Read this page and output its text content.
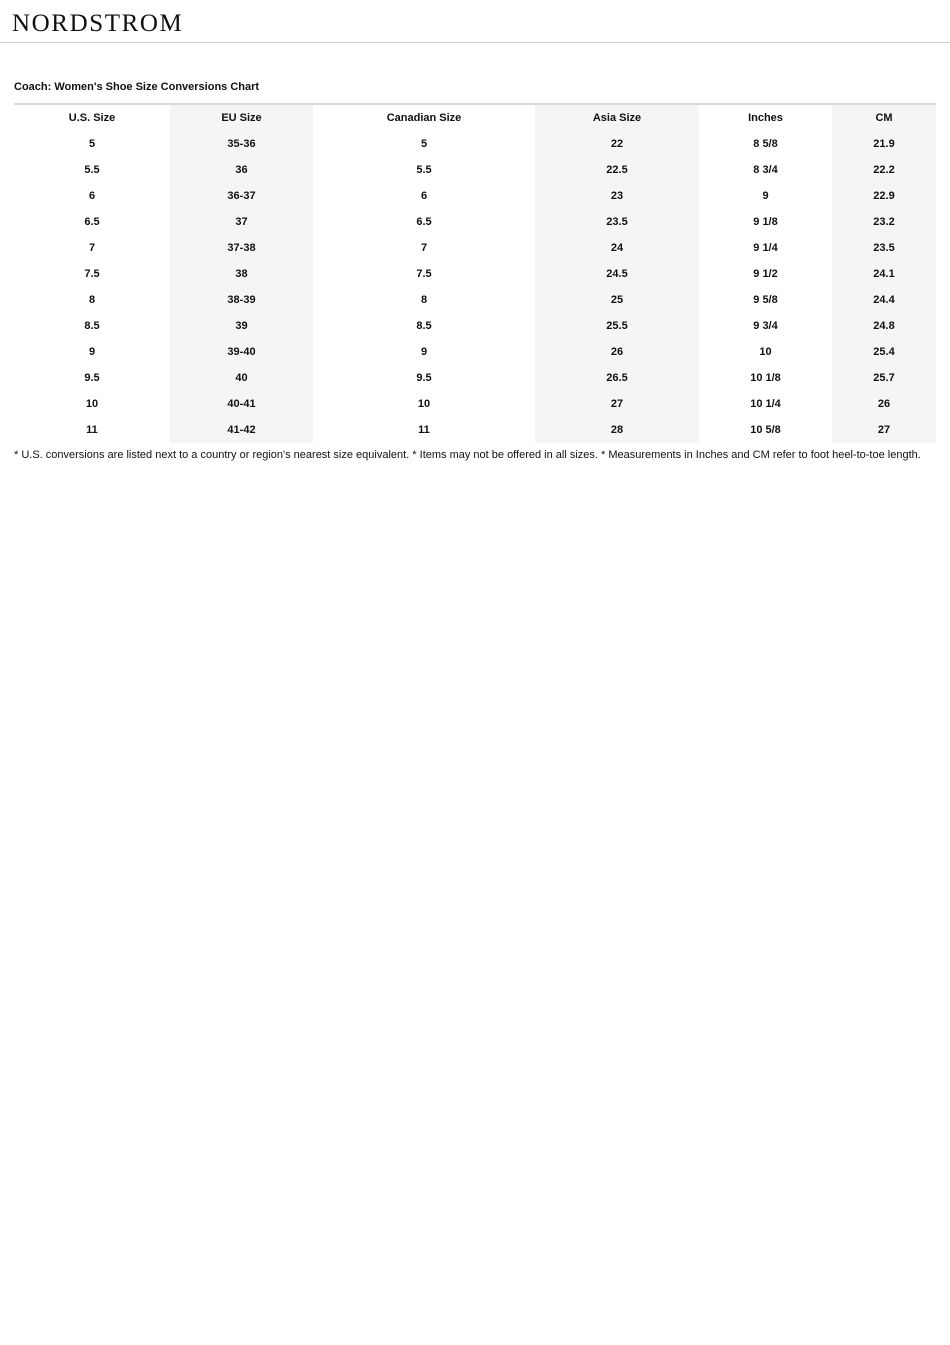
NORDSTROM
Coach: Women's Shoe Size Conversions Chart
U.S. Size	EU Size	Canadian Size	Asia Size	Inches	CM
5	35-36	5	22	8 5/8	21.9
5.5	36	5.5	22.5	8 3/4	22.2
6	36-37	6	23	9	22.9
6.5	37	6.5	23.5	9 1/8	23.2
7	37-38	7	24	9 1/4	23.5
7.5	38	7.5	24.5	9 1/2	24.1
8	38-39	8	25	9 5/8	24.4
8.5	39	8.5	25.5	9 3/4	24.8
9	39-40	9	26	10	25.4
9.5	40	9.5	26.5	10 1/8	25.7
10	40-41	10	27	10 1/4	26
11	41-42	11	28	10 5/8	27
* U.S. conversions are listed next to a country or region's nearest size equivalent. * Items may not be offered in all sizes. * Measurements in Inches and CM refer to foot heel-to-toe length.
